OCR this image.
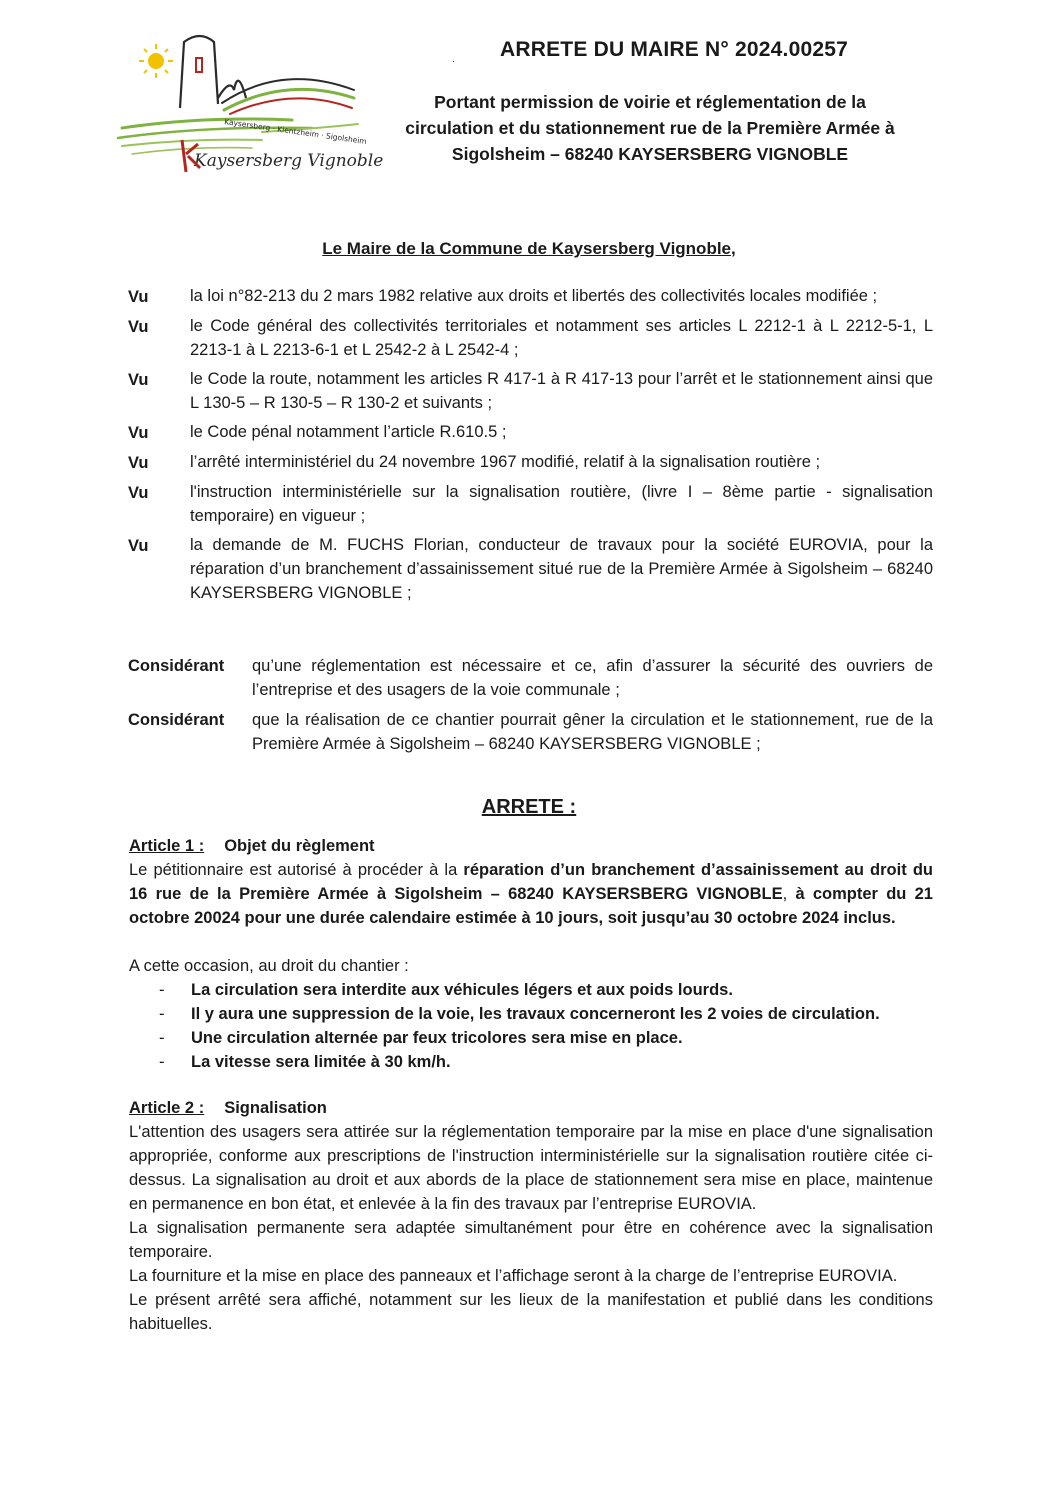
Kaysersberg · Kientzheim · Sigolsheim
Kaysersberg Vignoble
. ARRETE DU MAIRE N° 2024.00257
Portant permission de voirie et réglementation de la
circulation et du stationnement rue de la Première Armée à
Sigolsheim – 68240 KAYSERSBERG VIGNOBLE
Le Maire de la Commune de Kaysersberg Vignoble,
Vu	la loi n°82-213 du 2 mars 1982 relative aux droits et libertés des collectivités locales modifiée ;
Vu	le Code général des collectivités territoriales et notamment ses articles L 2212-1 à L 2212-5-1, L 2213-1 à L 2213-6-1 et L 2542-2 à L 2542-4 ;
Vu	le Code la route, notamment les articles R 417-1 à R 417-13 pour l’arrêt et le stationnement ainsi que L 130-5 – R 130-5 – R 130-2 et suivants ;
Vu	le Code pénal notamment l’article R.610.5 ;
Vu	l’arrêté interministériel du 24 novembre 1967 modifié, relatif à la signalisation routière ;
Vu	l'instruction interministérielle sur la signalisation routière, (livre I – 8ème partie - signalisation temporaire) en vigueur ;
Vu	la demande de M. FUCHS Florian, conducteur de travaux pour la société EUROVIA, pour la réparation d’un branchement d’assainissement situé rue de la Première Armée à Sigolsheim – 68240 KAYSERSBERG VIGNOBLE ;
Considérant	qu’une réglementation est nécessaire et ce, afin d’assurer la sécurité des ouvriers de l’entreprise et des usagers de la voie communale ;
Considérant	que la réalisation de ce chantier pourrait gêner la circulation et le stationnement, rue de la Première Armée à Sigolsheim – 68240 KAYSERSBERG VIGNOBLE ;
ARRETE :
Article 1 : Objet du règlement
Le pétitionnaire est autorisé à procéder à la réparation d’un branchement d’assainissement au droit du 16 rue de la Première Armée à Sigolsheim – 68240 KAYSERSBERG VIGNOBLE, à compter du 21 octobre 20024 pour une durée calendaire estimée à 10 jours, soit jusqu’au 30 octobre 2024 inclus.
A cette occasion, au droit du chantier :
-	La circulation sera interdite aux véhicules légers et aux poids lourds.
-	Il y aura une suppression de la voie, les travaux concerneront les 2 voies de circulation.
-	Une circulation alternée par feux tricolores sera mise en place.
-	La vitesse sera limitée à 30 km/h.
Article 2 : Signalisation
L'attention des usagers sera attirée sur la réglementation temporaire par la mise en place d'une signalisation appropriée, conforme aux prescriptions de l'instruction interministérielle sur la signalisation routière citée ci-dessus. La signalisation au droit et aux abords de la place de stationnement sera mise en place, maintenue en permanence en bon état, et enlevée à la fin des travaux par l’entreprise EUROVIA.
La signalisation permanente sera adaptée simultanément pour être en cohérence avec la signalisation temporaire.
La fourniture et la mise en place des panneaux et l’affichage seront à la charge de l’entreprise EUROVIA.
Le présent arrêté sera affiché, notamment sur les lieux de la manifestation et publié dans les conditions habituelles.
